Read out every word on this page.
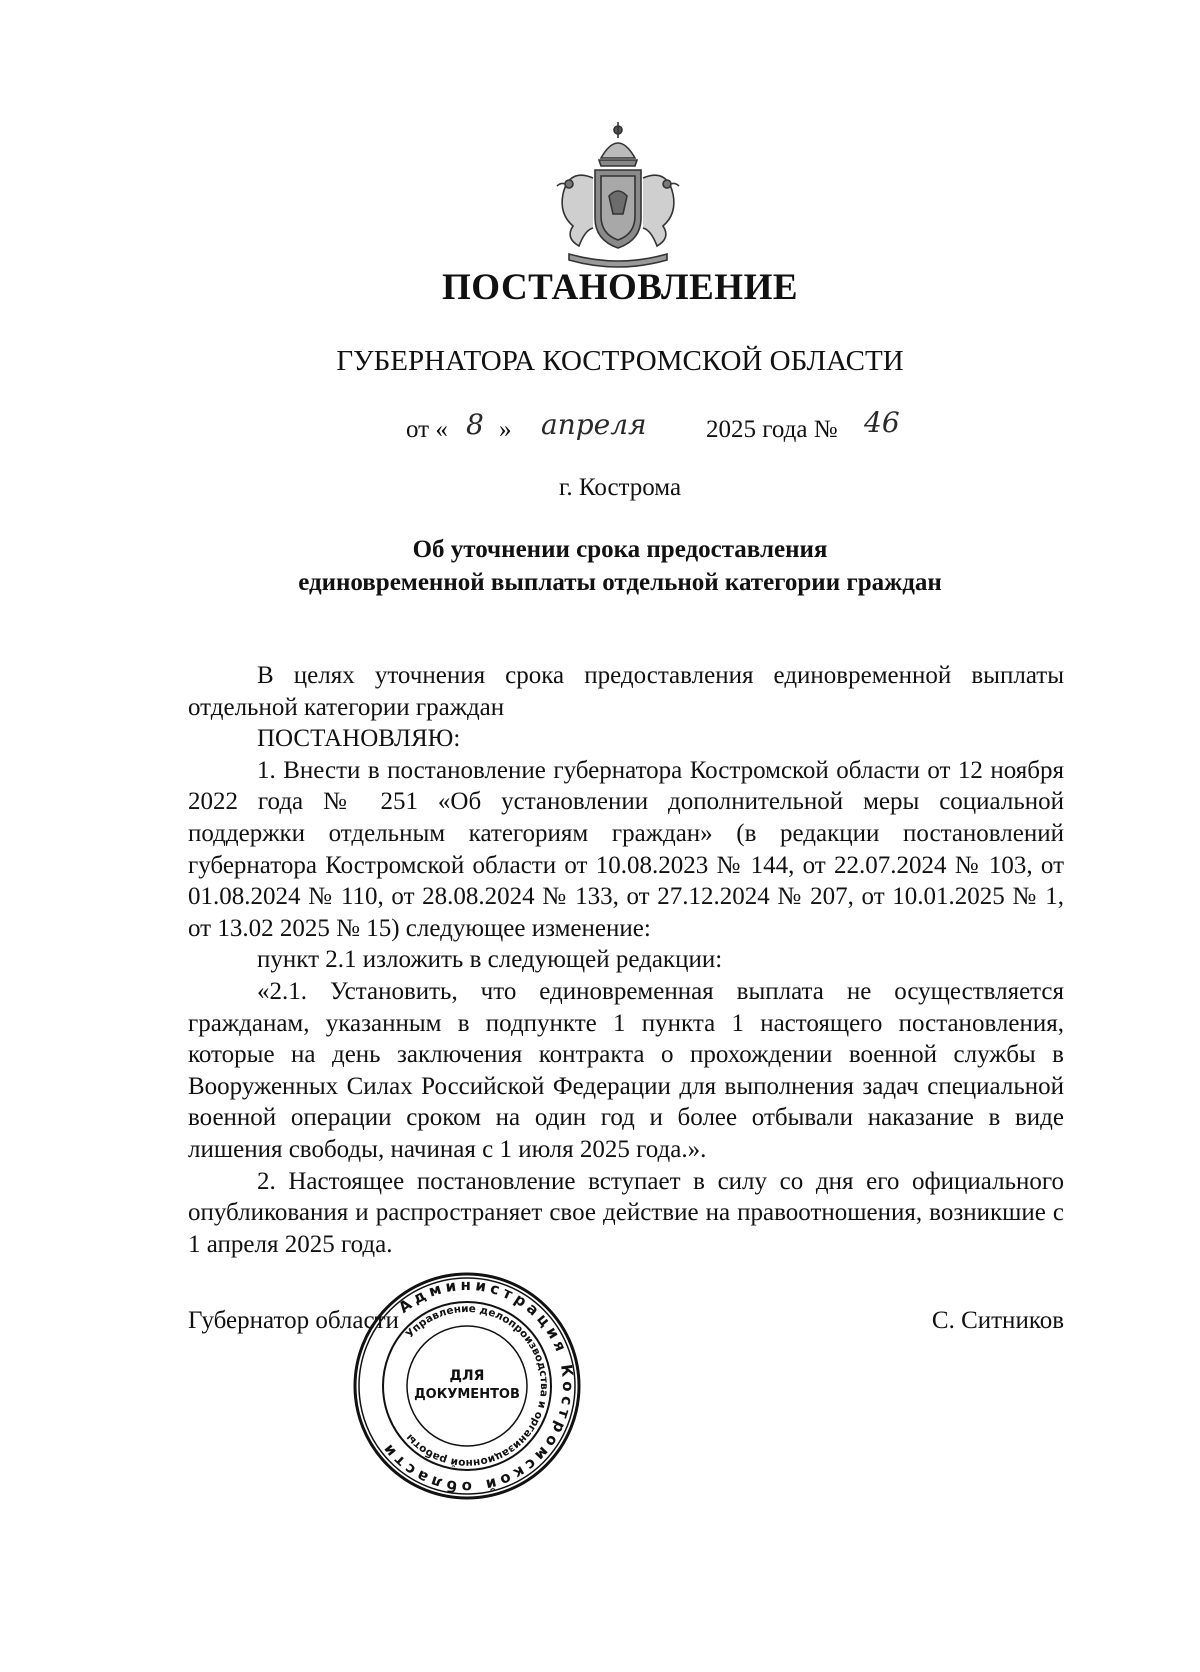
ПОСТАНОВЛЕНИЕ
ГУБЕРНАТОРА КОСТРОМСКОЙ ОБЛАСТИ
от « 8 » апреля 2025 года № 46
г. Кострома
Об уточнении срока предоставления
единовременной выплаты отдельной категории граждан

В целях уточнения срока предоставления единовременной выплаты отдельной категории граждан

ПОСТАНОВЛЯЮ:

1. Внести в постановление губернатора Костромской области от 12 ноября 2022 года № 251 «Об установлении дополнительной меры социальной поддержки отдельным категориям граждан» (в редакции постановлений губернатора Костромской области от 10.08.2023 № 144, от 22.07.2024 № 103, от 01.08.2024 № 110, от 28.08.2024 № 133, от 27.12.2024 № 207, от 10.01.2025 № 1, от 13.02 2025 № 15) следующее изменение:

пункт 2.1 изложить в следующей редакции:

«2.1. Установить, что единовременная выплата не осуществляется гражданам, указанным в подпункте 1 пункта 1 настоящего постановления, которые на день заключения контракта о прохождении военной службы в Вооруженных Силах Российской Федерации для выполнения задач специальной военной операции сроком на один год и более отбывали наказание в виде лишения свободы, начиная с 1 июля 2025 года.».

2. Настоящее постановление вступает в силу со дня его официального опубликования и распространяет свое действие на правоотношения, возникшие с 1 апреля 2025 года.

Губернатор области	С. Ситников
Администрация Костромской области
Управление делопроизводства и организационной работы
ДЛЯ
ДОКУМЕНТОВ
